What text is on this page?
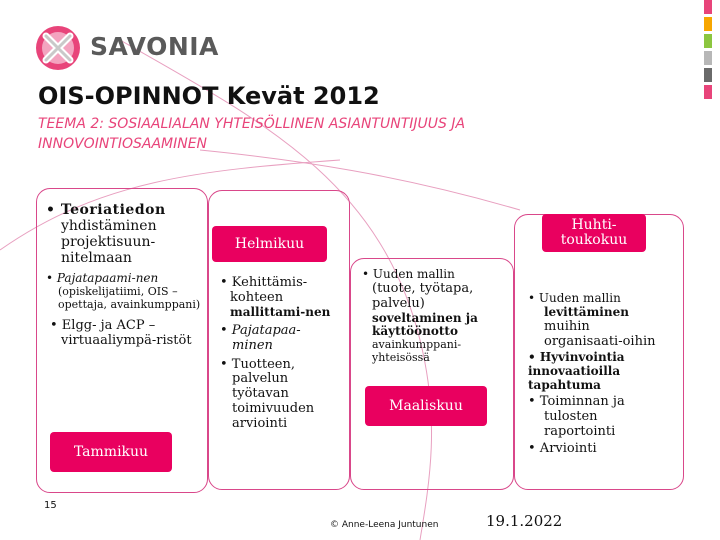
SAVONIA
OIS-OPINNOT Kevät 2012
TEEMA 2: SOSIAALIALAN YHTEISÖLLINEN ASIANTUNTIJUUS JA INNOVOINTIOSAAMINEN
• Teoriatiedon
yhdistäminen projektisuun-nitelmaan
• Pajatapaami-nen
(opiskelijatiimi, OIS –opettaja, avainkumppani)
• Elgg- ja ACP –
virtuaaliympä-ristöt
Tammikuu
Helmikuu
• Kehittämis-
kohteen
mallittami-nen
• Pajatapaa-
minen
• Tuotteen,
palvelun työtavan toimivuuden arviointi
• Uuden mallin
(tuote, työtapa, palvelu)
soveltaminen ja käyttöönotto
avainkumppani-yhteisössä
Maaliskuu
Huhti-toukokuu
• Uuden mallin
levittäminen
muihin organisaati-oihin
• Hyvinvointia innovaatioilla tapahtuma
• Toiminnan ja
tulosten raportointi
• Arviointi
15
© Anne-Leena Juntunen	19.1.2022
